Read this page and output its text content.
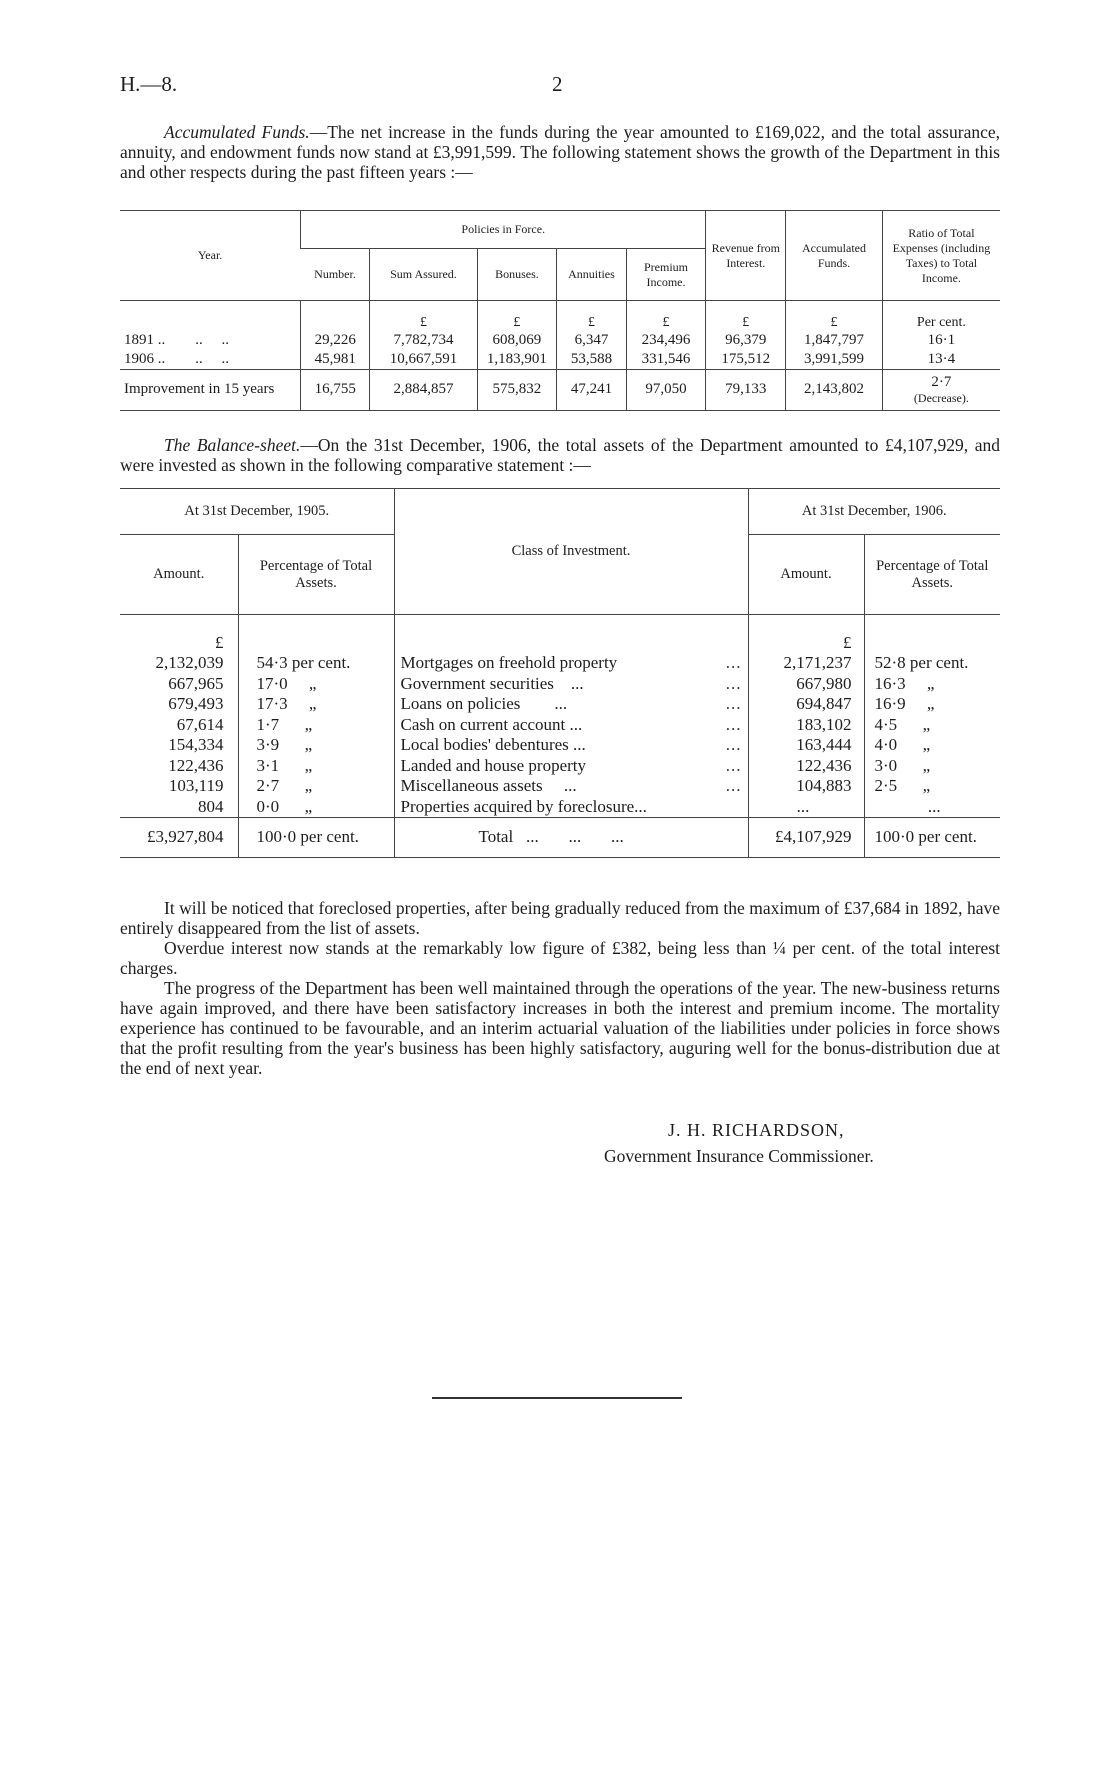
H.—8.	2
Accumulated Funds.—The net increase in the funds during the year amounted to £169,022, and the total assurance, annuity, and endowment funds now stand at £3,991,599. The following statement shows the growth of the Department in this and other respects during the past fifteen years :—
Year.	Policies in Force.					Revenue from Interest.	Accumulated Funds.	Ratio of Total Expenses (including Taxes) to Total Income.
	Number.	Sum Assured.	Bonuses.	Annuities	Premium Income.			
		£	£	£	£	£	£	Per cent.
1891 ..        ..     ..	29,226	7,782,734	608,069	6,347	234,496	96,379	1,847,797	16·1
1906 ..        ..     ..	45,981	10,667,591	1,183,901	53,588	331,546	175,512	3,991,599	13·4
Improvement in 15 years	16,755	2,884,857	575,832	47,241	97,050	79,133	2,143,802	2·7
(Decrease).
The Balance-sheet.—On the 31st December, 1906, the total assets of the Department amounted to £4,107,929, and were invested as shown in the following comparative statement :—
At 31st December, 1905.		Class of Investment.	At 31st December, 1906.	
Amount.	Percentage of Total Assets.		Amount.	Percentage of Total Assets.
£			£	
2,132,039	54·3 per cent.	Mortgages on freehold property ...	2,171,237	52·8 per cent.
667,965	17·0     „	Government securities    ... ...	667,980	16·3     „
679,493	17·3     „	Loans on policies        ... ...	694,847	16·9     „
67,614	1·7      „	Cash on current account ... ...	183,102	4·5      „
154,334	3·9      „	Local bodies' debentures ... ...	163,444	4·0      „
122,436	3·1      „	Landed and house property ...	122,436	3·0      „
103,119	2·7      „	Miscellaneous assets     ... ...	104,883	2·5      „
804	0·0      „	Properties acquired by foreclosure...	...	...
£3,927,804	100·0 per cent.	Total   ...       ...       ...	£4,107,929	100·0 per cent.
It will be noticed that foreclosed properties, after being gradually reduced from the maximum of £37,684 in 1892, have entirely disappeared from the list of assets.
Overdue interest now stands at the remarkably low figure of £382, being less than ¼ per cent. of the total interest charges.
The progress of the Department has been well maintained through the operations of the year. The new-business returns have again improved, and there have been satisfactory increases in both the interest and premium income. The mortality experience has continued to be favourable, and an interim actuarial valuation of the liabilities under policies in force shows that the profit resulting from the year's business has been highly satisfactory, auguring well for the bonus-distribution due at the end of next year.
J. H. RICHARDSON,
Government Insurance Commissioner.
